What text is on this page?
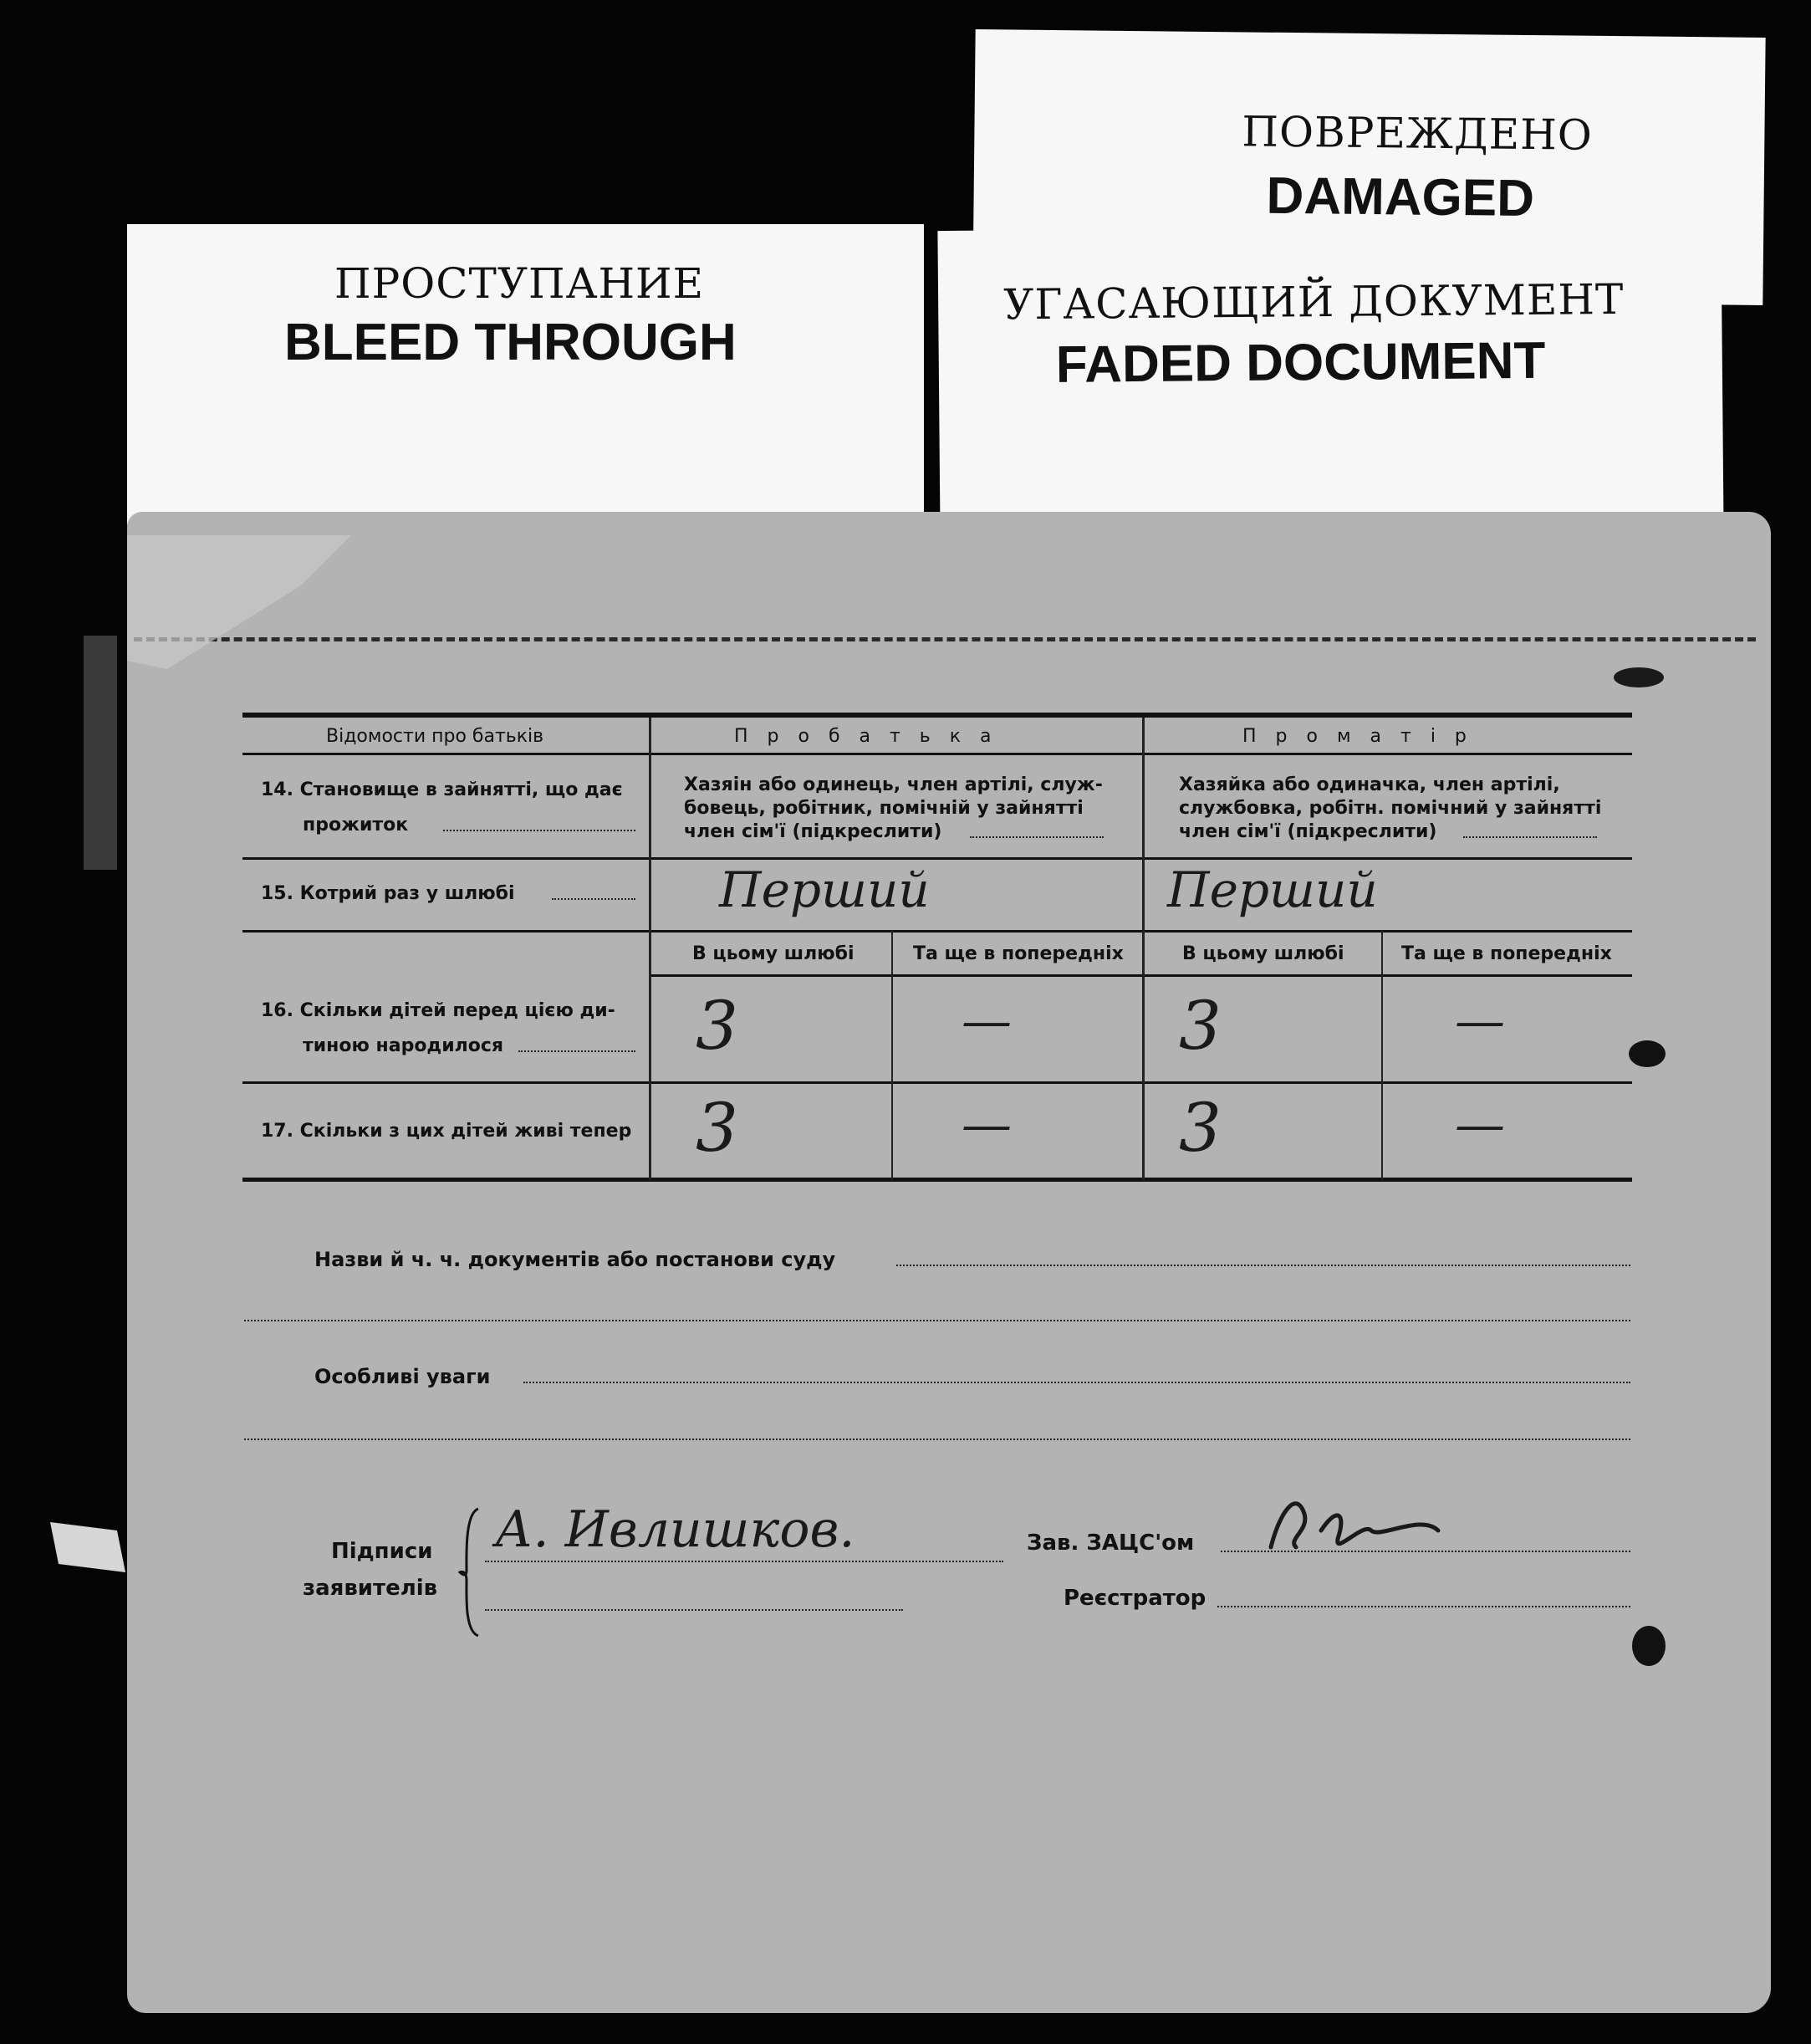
ПОВРЕЖДЕНО
DAMAGED
ПРОСТУПАНИЕ
BLEED THROUGH
УГАСАЮЩИЙ ДОКУМЕНТ
FADED DOCUMENT
Відомости про батьків	П р о б а т ь к а	П р о м а т і р
14. Становище в зайнятті, що дає
прожиток
Хазяін або одинець, член артілі, служ-
бовець, робітник, помічній у зайнятті
член сім'ї (підкреслити)
Хазяйка або одиначка, член артілі,
службовка, робітн. помічний у зайнятті
член сім'ї (підкреслити)
15. Котрий раз у шлюбі	Перший	Перший
В цьому шлюбі	Та ще в попередніх	В цьому шлюбі	Та ще в попередніх
16. Скільки дітей перед цією ди-
тиною народилося	3	—	3	—
17. Скільки з цих дітей живі тепер 3	—	3	—
Назви й ч. ч. документів або постанови суду
Особливі уваги
Підписи
заявителів
А. Ивлишков.	Зав. ЗАЦС'ом
Реєстратор
